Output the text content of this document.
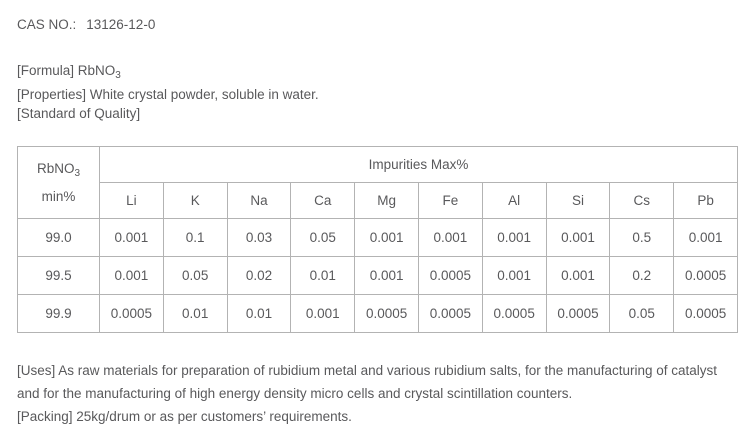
CAS NO.: 13126-12-0
[Formula] RbNO$_3$
[Properties] White crystal powder, soluble in water.
[Standard of Quality]
RbNO$_3$
min%	Impurities Max%									
	Li	K	Na	Ca	Mg	Fe	Al	Si	Cs	Pb
99.0	0.001	0.1	0.03	0.05	0.001	0.001	0.001	0.001	0.5	0.001
99.5	0.001	0.05	0.02	0.01	0.001	0.0005	0.001	0.001	0.2	0.0005
99.9	0.0005	0.01	0.01	0.001	0.0005	0.0005	0.0005	0.0005	0.05	0.0005
[Uses] As raw materials for preparation of rubidium metal and various rubidium salts, for the manufacturing of catalyst and for the manufacturing of high energy density micro cells and crystal scintillation counters.
[Packing] 25kg/drum or as per customers’ requirements.
